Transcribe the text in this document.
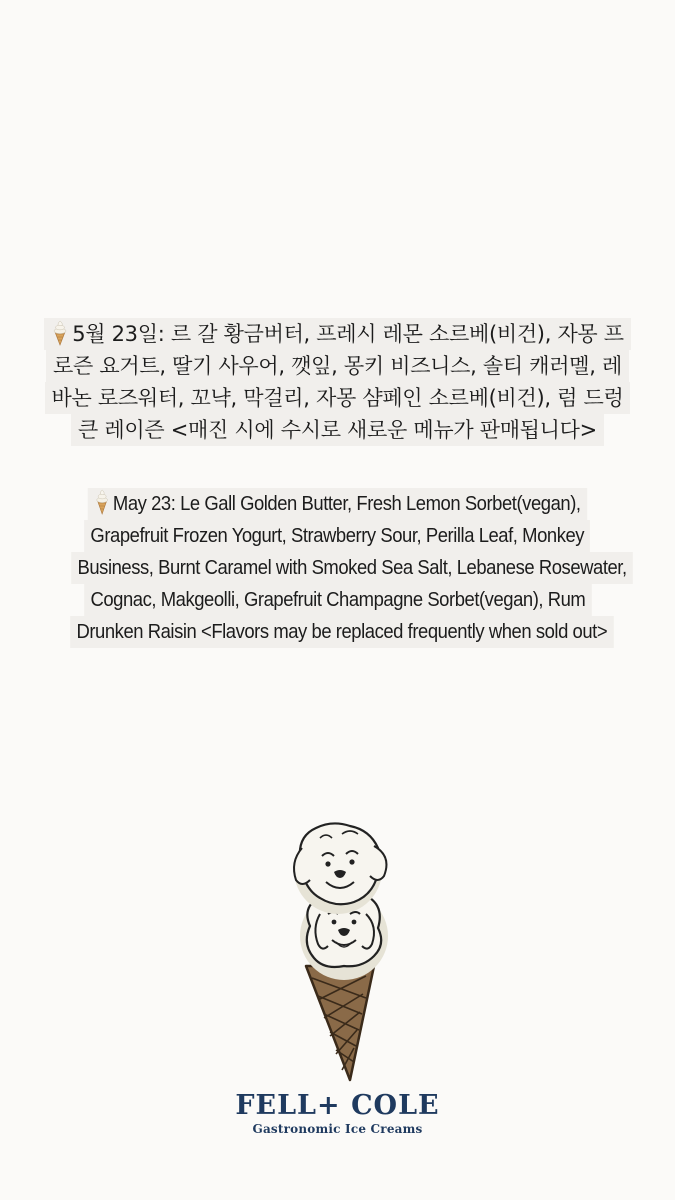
5월 23일: 르 갈 황금버터, 프레시 레몬 소르베(비건), 자몽 프
로즌 요거트, 딸기 사우어, 깻잎, 몽키 비즈니스, 솔티 캐러멜, 레
바논 로즈워터, 꼬냑, 막걸리, 자몽 샴페인 소르베(비건), 럼 드렁
큰 레이즌 <매진 시에 수시로 새로운 메뉴가 판매됩니다>
May 23: Le Gall Golden Butter, Fresh Lemon Sorbet(vegan),
Grapefruit Frozen Yogurt, Strawberry Sour, Perilla Leaf, Monkey
Business, Burnt Caramel with Smoked Sea Salt, Lebanese Rosewater,
Cognac, Makgeolli, Grapefruit Champagne Sorbet(vegan), Rum
Drunken Raisin <Flavors may be replaced frequently when sold out>
FELL+ COLE
Gastronomic Ice Creams
